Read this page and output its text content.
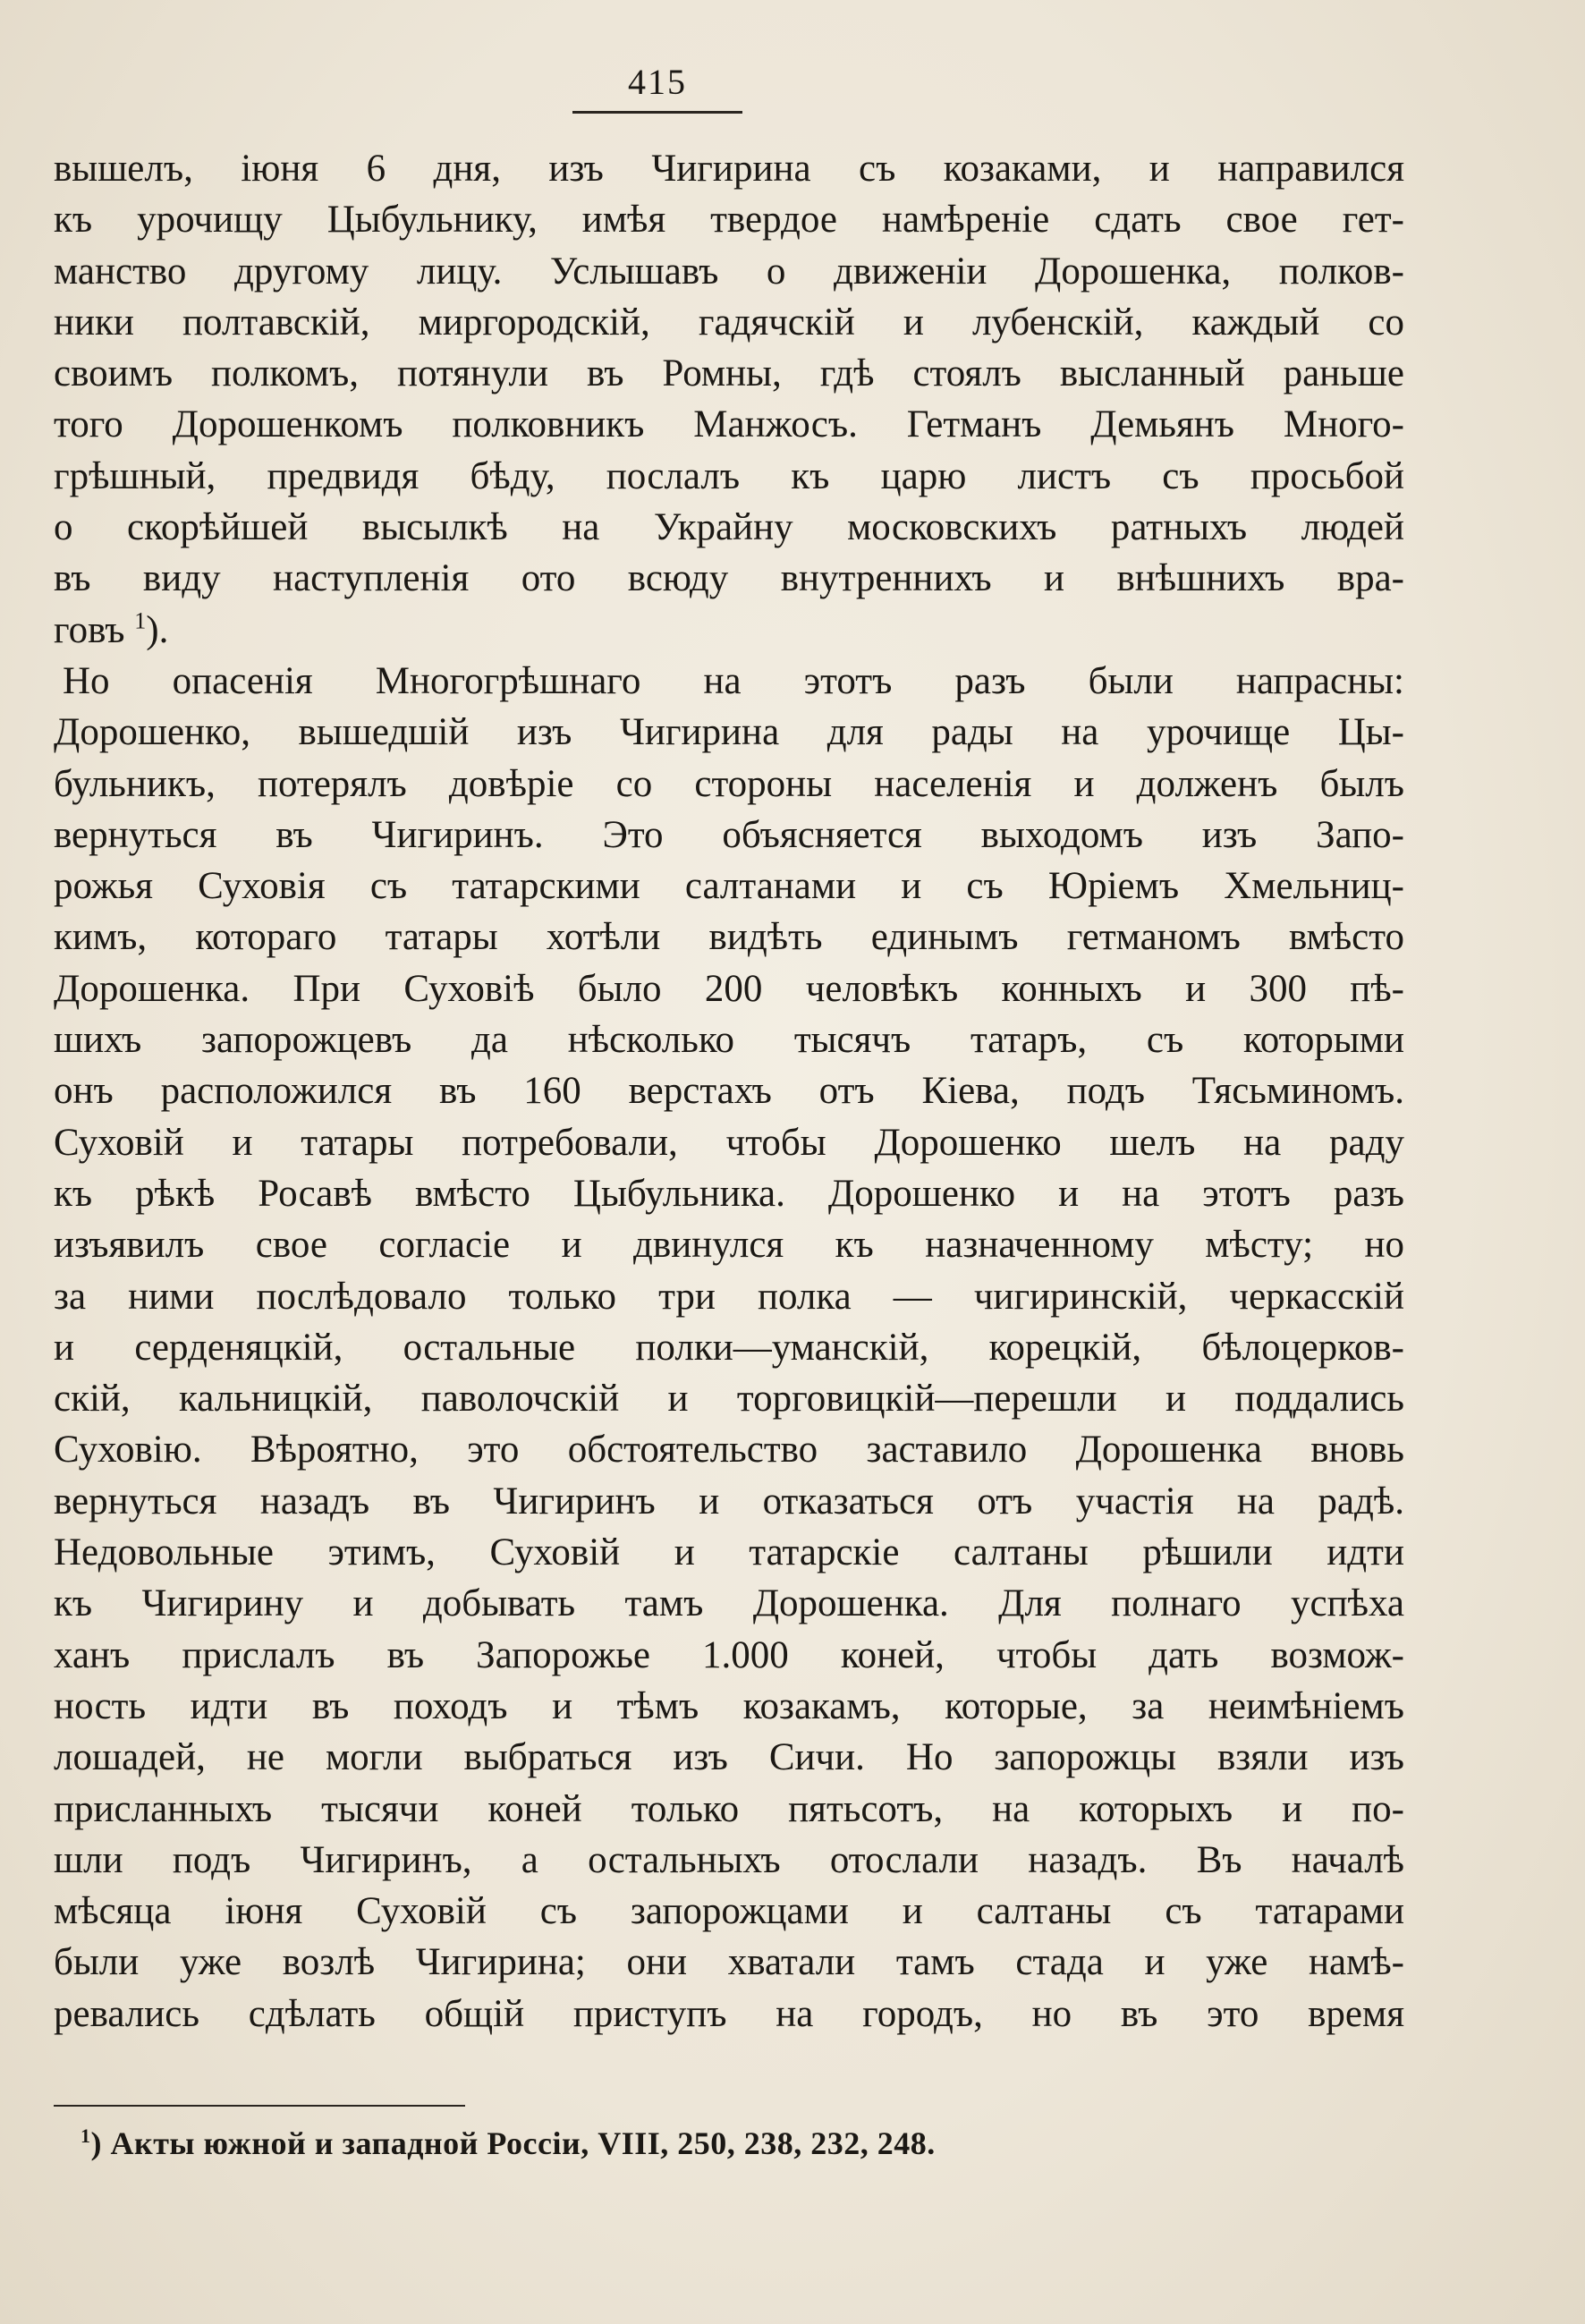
415
вышелъ, іюня 6 дня, изъ Чигирина съ козаками, и направился
къ урочищу Цыбульнику, имѣя твердое намѣреніе сдать свое гет-
манство другому лицу. Услышавъ о движеніи Дорошенка, полков-
ники полтавскій, миргородскій, гадячскій и лубенскій, каждый со
своимъ полкомъ, потянули въ Ромны, гдѣ стоялъ высланный раньше
того Дорошенкомъ полковникъ Манжосъ. Гетманъ Демьянъ Много-
грѣшный, предвидя бѣду, послалъ къ царю листъ съ просьбой
о скорѣйшей высылкѣ на Украйну московскихъ ратныхъ людей
въ виду наступленія ото всюду внутреннихъ и внѣшнихъ вра-
говъ $^1$).
Но опасенія Многогрѣшнаго на этотъ разъ были напрасны:
Дорошенко, вышедшій изъ Чигирина для рады на урочище Цы-
бульникъ, потерялъ довѣріе со стороны населенія и долженъ былъ
вернуться въ Чигиринъ. Это объясняется выходомъ изъ Запо-
рожья Суховія съ татарскими салтанами и съ Юріемъ Хмельниц-
кимъ, котораго татары хотѣли видѣть единымъ гетманомъ вмѣсто
Дорошенка. При Суховіѣ было 200 человѣкъ конныхъ и 300 пѣ-
шихъ запорожцевъ да нѣсколько тысячъ татаръ, съ которыми
онъ расположился въ 160 верстахъ отъ Кіева, подъ Тясьминомъ.
Суховій и татары потребовали, чтобы Дорошенко шелъ на раду
къ рѣкѣ Росавѣ вмѣсто Цыбульника. Дорошенко и на этотъ разъ
изъявилъ свое согласіе и двинулся къ назначенному мѣсту; но
за ними послѣдовало только три полка — чигиринскій, черкасскій
и серденяцкій, остальные полки—уманскій, корецкій, бѣлоцерков-
скій, кальницкій, паволочскій и торговицкій—перешли и поддались
Суховію. Вѣроятно, это обстоятельство заставило Дорошенка вновь
вернуться назадъ въ Чигиринъ и отказаться отъ участія на радѣ.
Недовольные этимъ, Суховій и татарскіе салтаны рѣшили идти
къ Чигирину и добывать тамъ Дорошенка. Для полнаго успѣха
ханъ прислалъ въ Запорожье 1.000 коней, чтобы дать возмож-
ность идти въ походъ и тѣмъ козакамъ, которые, за неимѣніемъ
лошадей, не могли выбраться изъ Сичи. Но запорожцы взяли изъ
присланныхъ тысячи коней только пятьсотъ, на которыхъ и по-
шли подъ Чигиринъ, а остальныхъ отослали назадъ. Въ началѣ
мѣсяца іюня Суховій съ запорожцами и салтаны съ татарами
были уже возлѣ Чигирина; они хватали тамъ стада и уже намѣ-
ревались сдѣлать общій приступъ на городъ, но въ это время
$^1$) Акты южной и западной Россіи, VIII, 250, 238, 232, 248.
